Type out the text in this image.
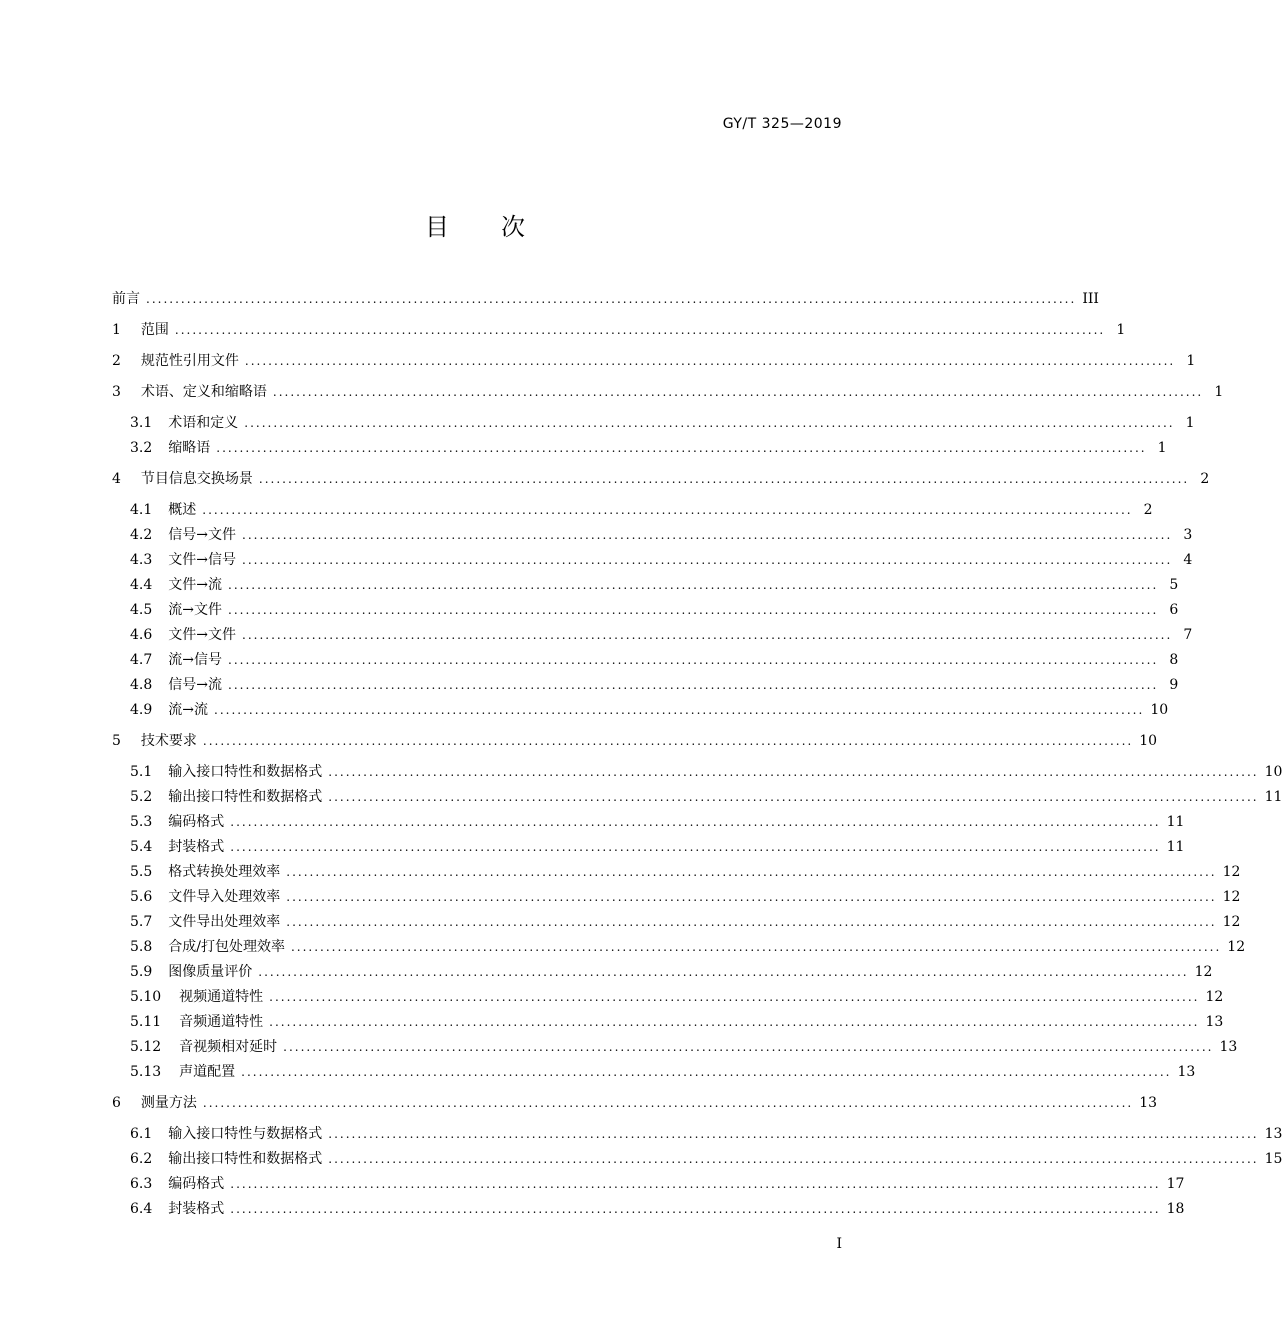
GY/T 325—2019
目 次
前言 ................................................................................................................................................................ III
1 范围 ................................................................................................................................................................ 1
2 规范性引用文件 ................................................................................................................................................................ 1
3 术语、定义和缩略语 ................................................................................................................................................................ 1
3.1 术语和定义 ................................................................................................................................................................ 1
3.2 缩略语 ................................................................................................................................................................ 1
4 节目信息交换场景 ................................................................................................................................................................ 2
4.1 概述 ................................................................................................................................................................ 2
4.2 信号→文件 ................................................................................................................................................................ 3
4.3 文件→信号 ................................................................................................................................................................ 4
4.4 文件→流 ................................................................................................................................................................ 5
4.5 流→文件 ................................................................................................................................................................ 6
4.6 文件→文件 ................................................................................................................................................................ 7
4.7 流→信号 ................................................................................................................................................................ 8
4.8 信号→流 ................................................................................................................................................................ 9
4.9 流→流 ................................................................................................................................................................ 10
5 技术要求 ................................................................................................................................................................ 10
5.1 输入接口特性和数据格式 ................................................................................................................................................................ 10
5.2 输出接口特性和数据格式 ................................................................................................................................................................ 11
5.3 编码格式 ................................................................................................................................................................ 11
5.4 封装格式 ................................................................................................................................................................ 11
5.5 格式转换处理效率 ................................................................................................................................................................ 12
5.6 文件导入处理效率 ................................................................................................................................................................ 12
5.7 文件导出处理效率 ................................................................................................................................................................ 12
5.8 合成/打包处理效率 ................................................................................................................................................................ 12
5.9 图像质量评价 ................................................................................................................................................................ 12
5.10 视频通道特性 ................................................................................................................................................................ 12
5.11 音频通道特性 ................................................................................................................................................................ 13
5.12 音视频相对延时 ................................................................................................................................................................ 13
5.13 声道配置 ................................................................................................................................................................ 13
6 测量方法 ................................................................................................................................................................ 13
6.1 输入接口特性与数据格式 ................................................................................................................................................................ 13
6.2 输出接口特性和数据格式 ................................................................................................................................................................ 15
6.3 编码格式 ................................................................................................................................................................ 17
6.4 封装格式 ................................................................................................................................................................ 18
I
